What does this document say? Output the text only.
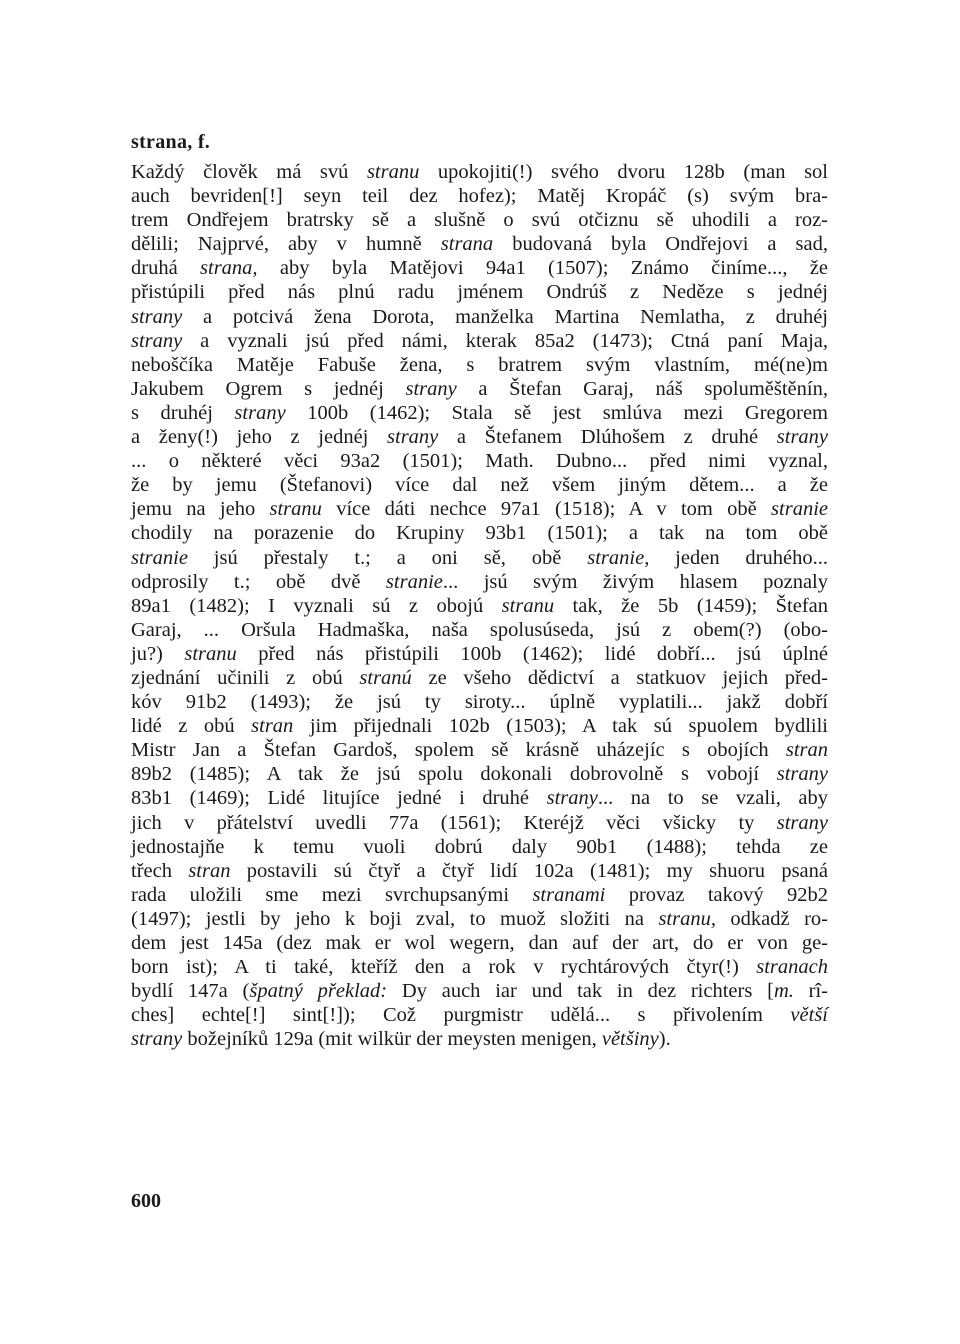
strana, f.
Každý člověk má svú stranu upokojiti(!) svého dvoru 128b (man sol
auch bevriden[!] seyn teil dez hofez); Matěj Kropáč (s) svým bra-
trem Ondřejem bratrsky sě a slušně o svú otčiznu sě uhodili a roz-
dělili; Najprvé, aby v humně strana budovaná byla Ondřejovi a sad,
druhá strana, aby byla Matějovi 94a1 (1507); Známo činíme..., že
přistúpili před nás plnú radu jménem Ondrúš z Neděze s jednéj
strany a potcivá žena Dorota, manželka Martina Nemlatha, z druhéj
strany a vyznali jsú před námi, kterak 85a2 (1473); Ctná paní Maja,
neboščíka Matěje Fabuše žena, s bratrem svým vlastním, mé(ne)m
Jakubem Ogrem s jednéj strany a Štefan Garaj, náš spoluměštěnín,
s druhéj strany 100b (1462); Stala sě jest smlúva mezi Gregorem
a ženy(!) jeho z jednéj strany a Štefanem Dlúhošem z druhé strany
... o některé věci 93a2 (1501); Math. Dubno... před nimi vyznal,
že by jemu (Štefanovi) více dal než všem jiným dětem... a že
jemu na jeho stranu více dáti nechce 97a1 (1518); A v tom obě stranie
chodily na porazenie do Krupiny 93b1 (1501); a tak na tom obě
stranie jsú přestaly t.; a oni sě, obě stranie, jeden druhého...
odprosily t.; obě dvě stranie... jsú svým živým hlasem poznaly
89a1 (1482); I vyznali sú z obojú stranu tak, že 5b (1459); Štefan
Garaj, ... Oršula Hadmaška, naša spolusúseda, jsú z obem(?) (obo-
ju?) stranu před nás přistúpili 100b (1462); lidé dobří... jsú úplné
zjednání učinili z obú stranú ze všeho dědictví a statkuov jejich před-
kóv 91b2 (1493); že jsú ty siroty... úplně vyplatili... jakž dobří
lidé z obú stran jim přijednali 102b (1503); A tak sú spuolem bydlili
Mistr Jan a Štefan Gardoš, spolem sě krásně uházejíc s obojích stran
89b2 (1485); A tak že jsú spolu dokonali dobrovolně s vobojí strany
83b1 (1469); Lidé litujíce jedné i druhé strany... na to se vzali, aby
jich v přátelství uvedli 77a (1561); Kteréjž věci všicky ty strany
jednostajňe k temu vuoli dobrú daly 90b1 (1488); tehda ze
třech stran postavili sú čtyř a čtyř lidí 102a (1481); my shuoru psaná
rada uložili sme mezi svrchupsanými stranami provaz takový 92b2
(1497); jestli by jeho k boji zval, to muož složiti na stranu, odkadž ro-
dem jest 145a (dez mak er wol wegern, dan auf der art, do er von ge-
born ist); A ti také, kteříž den a rok v rychtárových čtyr(!) stranach
bydlí 147a (špatný překlad: Dy auch iar und tak in dez richters [m. rî-
ches] echte[!] sint[!]); Což purgmistr udělá... s přivolením větší
strany božejníků 129a (mit wilkür der meysten menigen, většiny).
600
